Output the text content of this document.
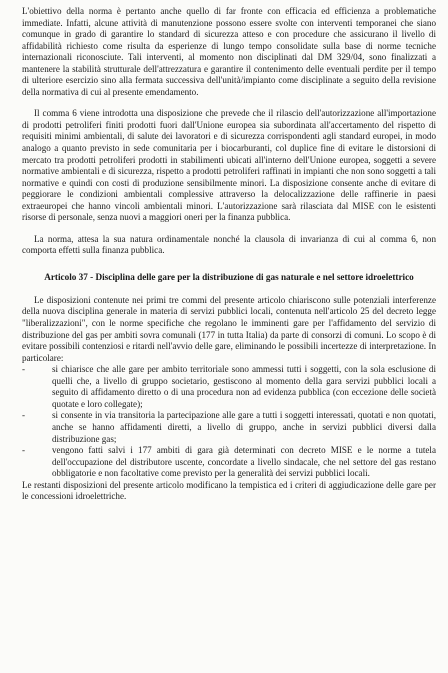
L'obiettivo della norma è pertanto anche quello di far fronte con efficacia ed efficienza a problematiche immediate. Infatti, alcune attività di manutenzione possono essere svolte con interventi temporanei che siano comunque in grado di garantire lo standard di sicurezza atteso e con procedure che assicurano il livello di affidabilità richiesto come risulta da esperienze di lungo tempo consolidate sulla base di norme tecniche internazionali riconosciute. Tali interventi, al momento non disciplinati dal DM 329/04, sono finalizzati a mantenere la stabilità strutturale dell'attrezzatura e garantire il contenimento delle eventuali perdite per il tempo di ulteriore esercizio sino alla fermata successiva dell'unità/impianto come disciplinate a seguito della revisione della normativa di cui al presente emendamento.

Il comma 6 viene introdotta una disposizione che prevede che il rilascio dell'autorizzazione all'importazione di prodotti petroliferi finiti prodotti fuori dall'Unione europea sia subordinata all'accertamento del rispetto di requisiti minimi ambientali, di salute dei lavoratori e di sicurezza corrispondenti agli standard europei, in modo analogo a quanto previsto in sede comunitaria per i biocarburanti, col duplice fine di evitare le distorsioni di mercato tra prodotti petroliferi prodotti in stabilimenti ubicati all'interno dell'Unione europea, soggetti a severe normative ambientali e di sicurezza, rispetto a prodotti petroliferi raffinati in impianti che non sono soggetti a tali normative e quindi con costi di produzione sensibilmente minori. La disposizione consente anche di evitare di peggiorare le condizioni ambientali complessive attraverso la delocalizzazione delle raffinerie in paesi extraeuropei che hanno vincoli ambientali minori. L'autorizzazione sarà rilasciata dal MISE con le esistenti risorse di personale, senza nuovi a maggiori oneri per la finanza pubblica.

La norma, attesa la sua natura ordinamentale nonché la clausola di invarianza di cui al comma 6, non comporta effetti sulla finanza pubblica.

Articolo 37 - Disciplina delle gare per la distribuzione di gas naturale e nel settore idroelettrico

Le disposizioni contenute nei primi tre commi del presente articolo chiariscono sulle potenziali interferenze della nuova disciplina generale in materia di servizi pubblici locali, contenuta nell'articolo 25 del decreto legge "liberalizzazioni", con le norme specifiche che regolano le imminenti gare per l'affidamento del servizio di distribuzione del gas per ambiti sovra comunali (177 in tutta Italia) da parte di consorzi di comuni. Lo scopo è di evitare possibili contenziosi e ritardi nell'avvio delle gare, eliminando le possibili incertezze di interpretazione. In particolare:

-	si chiarisce che alle gare per ambito territoriale sono ammessi tutti i soggetti, con la sola esclusione di quelli che, a livello di gruppo societario, gestiscono al momento della gara servizi pubblici locali a seguito di affidamento diretto o di una procedura non ad evidenza pubblica (con eccezione delle società quotate e loro collegate);
-	si consente in via transitoria la partecipazione alle gare a tutti i soggetti interessati, quotati e non quotati, anche se hanno affidamenti diretti, a livello di gruppo, anche in servizi pubblici diversi dalla distribuzione gas;
-	vengono fatti salvi i 177 ambiti di gara già determinati con decreto MISE e le norme a tutela dell'occupazione del distributore uscente, concordate a livello sindacale, che nel settore del gas restano obbligatorie e non facoltative come previsto per la generalità dei servizi pubblici locali.

Le restanti disposizioni del presente articolo modificano la tempistica ed i criteri di aggiudicazione delle gare per le concessioni idroelettriche.
